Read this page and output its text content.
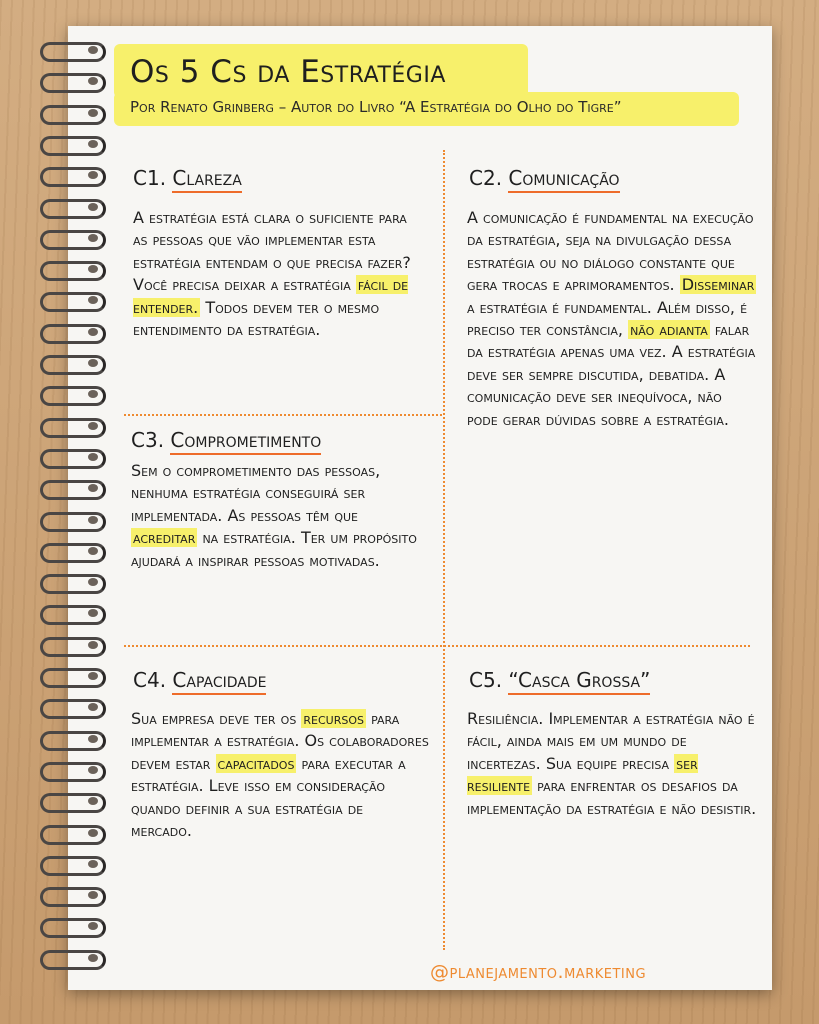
Os 5 Cs da Estratégia
Por Renato Grinberg – Autor do Livro “A Estratégia do Olho do Tigre”
C1. Clareza
A estratégia está clara o suficiente para as pessoas que vão implementar esta estratégia entendam o que precisa fazer?
Você precisa deixar a estratégia fácil de entender. Todos devem ter o mesmo entendimento da estratégia.
C2. Comunicação
A comunicação é fundamental na execução da estratégia, seja na divulgação dessa estratégia ou no diálogo constante que gera trocas e aprimoramentos. Disseminar a estratégia é fundamental. Além disso, é preciso ter constância, não adianta falar da estratégia apenas uma vez. A estratégia deve ser sempre discutida, debatida. A comunicação deve ser inequívoca, não pode gerar dúvidas sobre a estratégia.
C3. Comprometimento
Sem o comprometimento das pessoas, nenhuma estratégia conseguirá ser implementada. As pessoas têm que acreditar na estratégia. Ter um propósito ajudará a inspirar pessoas motivadas.
C4. Capacidade
Sua empresa deve ter os recursos para implementar a estratégia. Os colaboradores devem estar capacitados para executar a estratégia. Leve isso em consideração quando definir a sua estratégia de mercado.
C5. “Casca Grossa”
Resiliência. Implementar a estratégia não é fácil, ainda mais em um mundo de incertezas. Sua equipe precisa ser resiliente para enfrentar os desafios da implementação da estratégia e não desistir.
@planejamento.marketing
